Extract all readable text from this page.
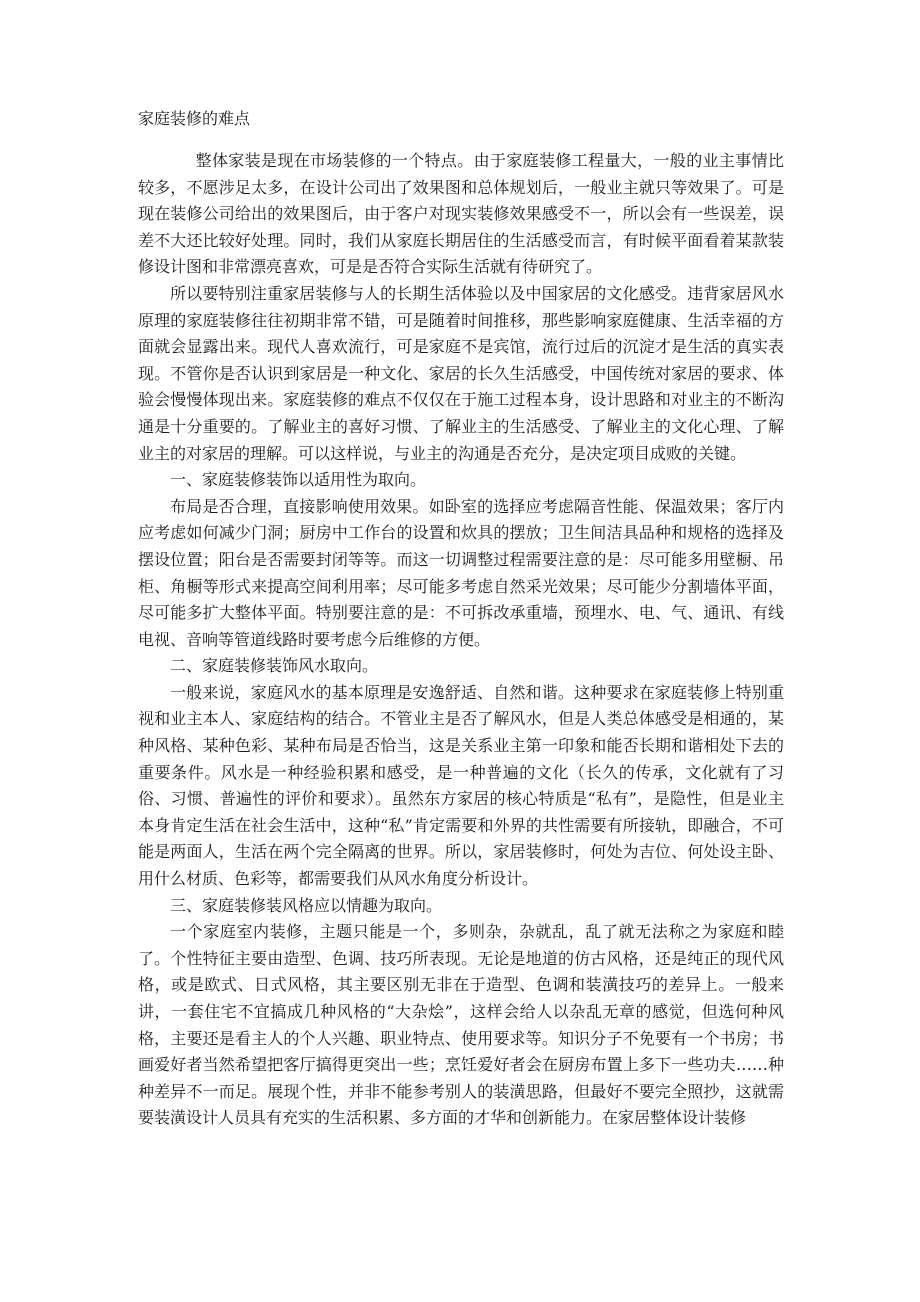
家庭装修的难点

整体家装是现在市场装修的一个特点。由于家庭装修工程量大，一般的业主事情比较多，不愿涉足太多，在设计公司出了效果图和总体规划后，一般业主就只等效果了。可是现在装修公司给出的效果图后，由于客户对现实装修效果感受不一，所以会有一些误差，误差不大还比较好处理。同时，我们从家庭长期居住的生活感受而言，有时候平面看着某款装修设计图和非常漂亮喜欢，可是是否符合实际生活就有待研究了。

所以要特别注重家居装修与人的长期生活体验以及中国家居的文化感受。违背家居风水原理的家庭装修往往初期非常不错，可是随着时间推移，那些影响家庭健康、生活幸福的方面就会显露出来。现代人喜欢流行，可是家庭不是宾馆，流行过后的沉淀才是生活的真实表现。不管你是否认识到家居是一种文化、家居的长久生活感受，中国传统对家居的要求、体验会慢慢体现出来。家庭装修的难点不仅仅在于施工过程本身，设计思路和对业主的不断沟通是十分重要的。了解业主的喜好习惯、了解业主的生活感受、了解业主的文化心理、了解业主的对家居的理解。可以这样说，与业主的沟通是否充分，是决定项目成败的关键。

一、家庭装修装饰以适用性为取向。

布局是否合理，直接影响使用效果。如卧室的选择应考虑隔音性能、保温效果；客厅内应考虑如何减少门洞；厨房中工作台的设置和炊具的摆放；卫生间洁具品种和规格的选择及摆设位置；阳台是否需要封闭等等。而这一切调整过程需要注意的是：尽可能多用壁橱、吊柜、角橱等形式来提高空间利用率；尽可能多考虑自然采光效果；尽可能少分割墙体平面，尽可能多扩大整体平面。特别要注意的是：不可拆改承重墙，预埋水、电、气、通讯、有线电视、音响等管道线路时要考虑今后维修的方便。

二、家庭装修装饰风水取向。

一般来说，家庭风水的基本原理是安逸舒适、自然和谐。这种要求在家庭装修上特别重视和业主本人、家庭结构的结合。不管业主是否了解风水，但是人类总体感受是相通的，某种风格、某种色彩、某种布局是否恰当，这是关系业主第一印象和能否长期和谐相处下去的重要条件。风水是一种经验积累和感受，是一种普遍的文化（长久的传承，文化就有了习俗、习惯、普遍性的评价和要求）。虽然东方家居的核心特质是“私有”，是隐性，但是业主本身肯定生活在社会生活中，这种“私”肯定需要和外界的共性需要有所接轨，即融合，不可能是两面人，生活在两个完全隔离的世界。所以，家居装修时，何处为吉位、何处设主卧、用什么材质、色彩等，都需要我们从风水角度分析设计。

三、家庭装修装风格应以情趣为取向。

一个家庭室内装修，主题只能是一个，多则杂，杂就乱，乱了就无法称之为家庭和睦了。个性特征主要由造型、色调、技巧所表现。无论是地道的仿古风格，还是纯正的现代风格，或是欧式、日式风格，其主要区别无非在于造型、色调和装潢技巧的差异上。一般来讲，一套住宅不宜搞成几种风格的“大杂烩”，这样会给人以杂乱无章的感觉，但选何种风格，主要还是看主人的个人兴趣、职业特点、使用要求等。知识分子不免要有一个书房；书画爱好者当然希望把客厅搞得更突出一些；烹饪爱好者会在厨房布置上多下一些功夫……种种差异不一而足。展现个性，并非不能参考别人的装潢思路，但最好不要完全照抄，这就需要装潢设计人员具有充实的生活积累、多方面的才华和创新能力。在家居整体设计装修
